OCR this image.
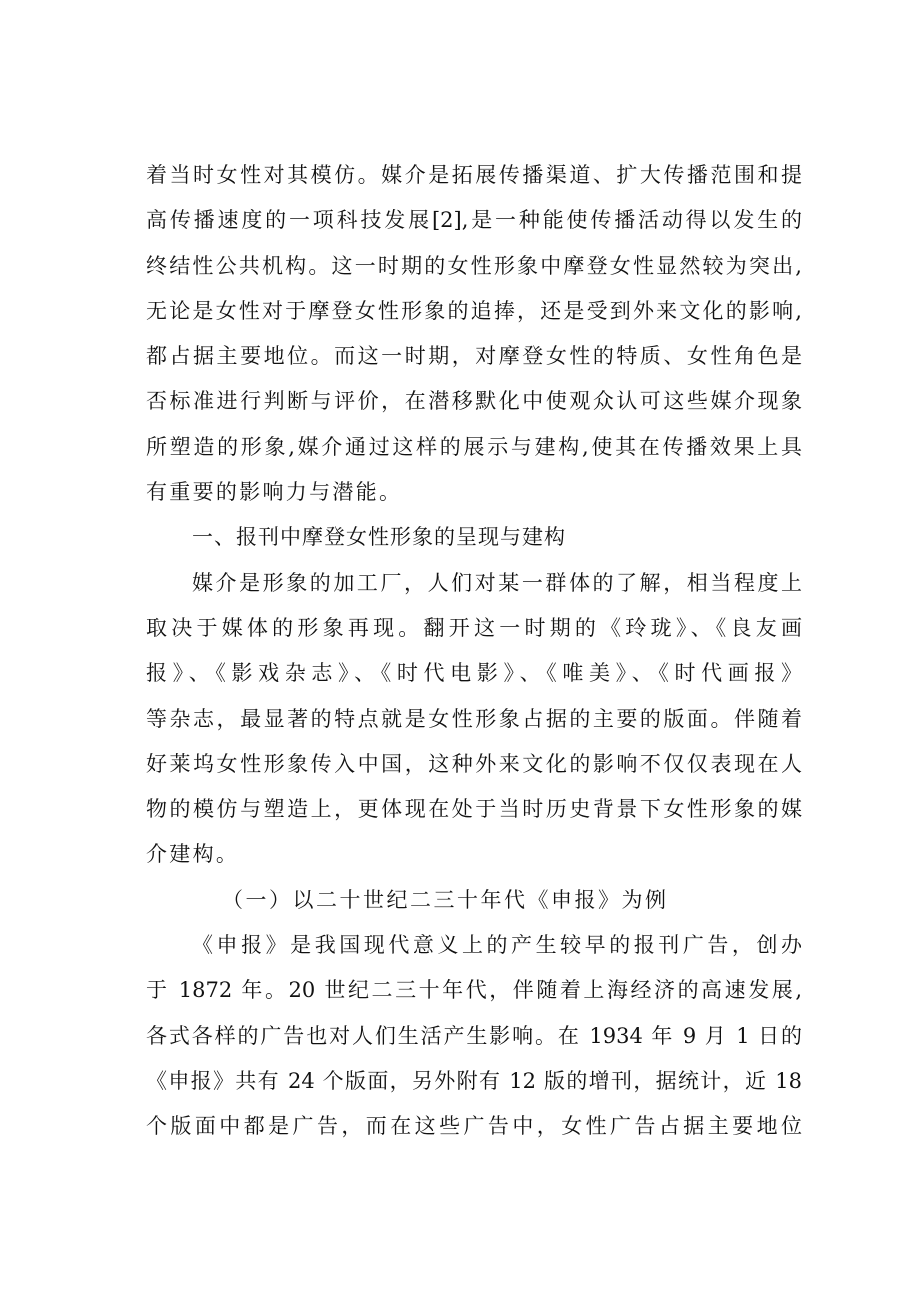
着当时女性对其模仿。媒介是拓展传播渠道、扩大传播范围和提
高传播速度的一项科技发展[2],是一种能使传播活动得以发生的
终结性公共机构。这一时期的女性形象中摩登女性显然较为突出,
无论是女性对于摩登女性形象的追捧，还是受到外来文化的影响,
都占据主要地位。而这一时期，对摩登女性的特质、女性角色是
否标准进行判断与评价，在潜移默化中使观众认可这些媒介现象
所塑造的形象,媒介通过这样的展示与建构,使其在传播效果上具
有重要的影响力与潜能。
一、报刊中摩登女性形象的呈现与建构
媒介是形象的加工厂，人们对某一群体的了解，相当程度上
取决于媒体的形象再现。翻开这一时期的《玲珑》、《良友画
报》、《影戏杂志》、《时代电影》、《唯美》、《时代画报》
等杂志，最显著的特点就是女性形象占据的主要的版面。伴随着
好莱坞女性形象传入中国，这种外来文化的影响不仅仅表现在人
物的模仿与塑造上，更体现在处于当时历史背景下女性形象的媒
介建构。
（一）以二十世纪二三十年代《申报》为例
《申报》是我国现代意义上的产生较早的报刊广告，创办
于 1872 年。20 世纪二三十年代，伴随着上海经济的高速发展,
各式各样的广告也对人们生活产生影响。在 1934 年 9 月 1 日的
《申报》共有 24 个版面，另外附有 12 版的增刊，据统计，近 18
个版面中都是广告，而在这些广告中，女性广告占据主要地位
